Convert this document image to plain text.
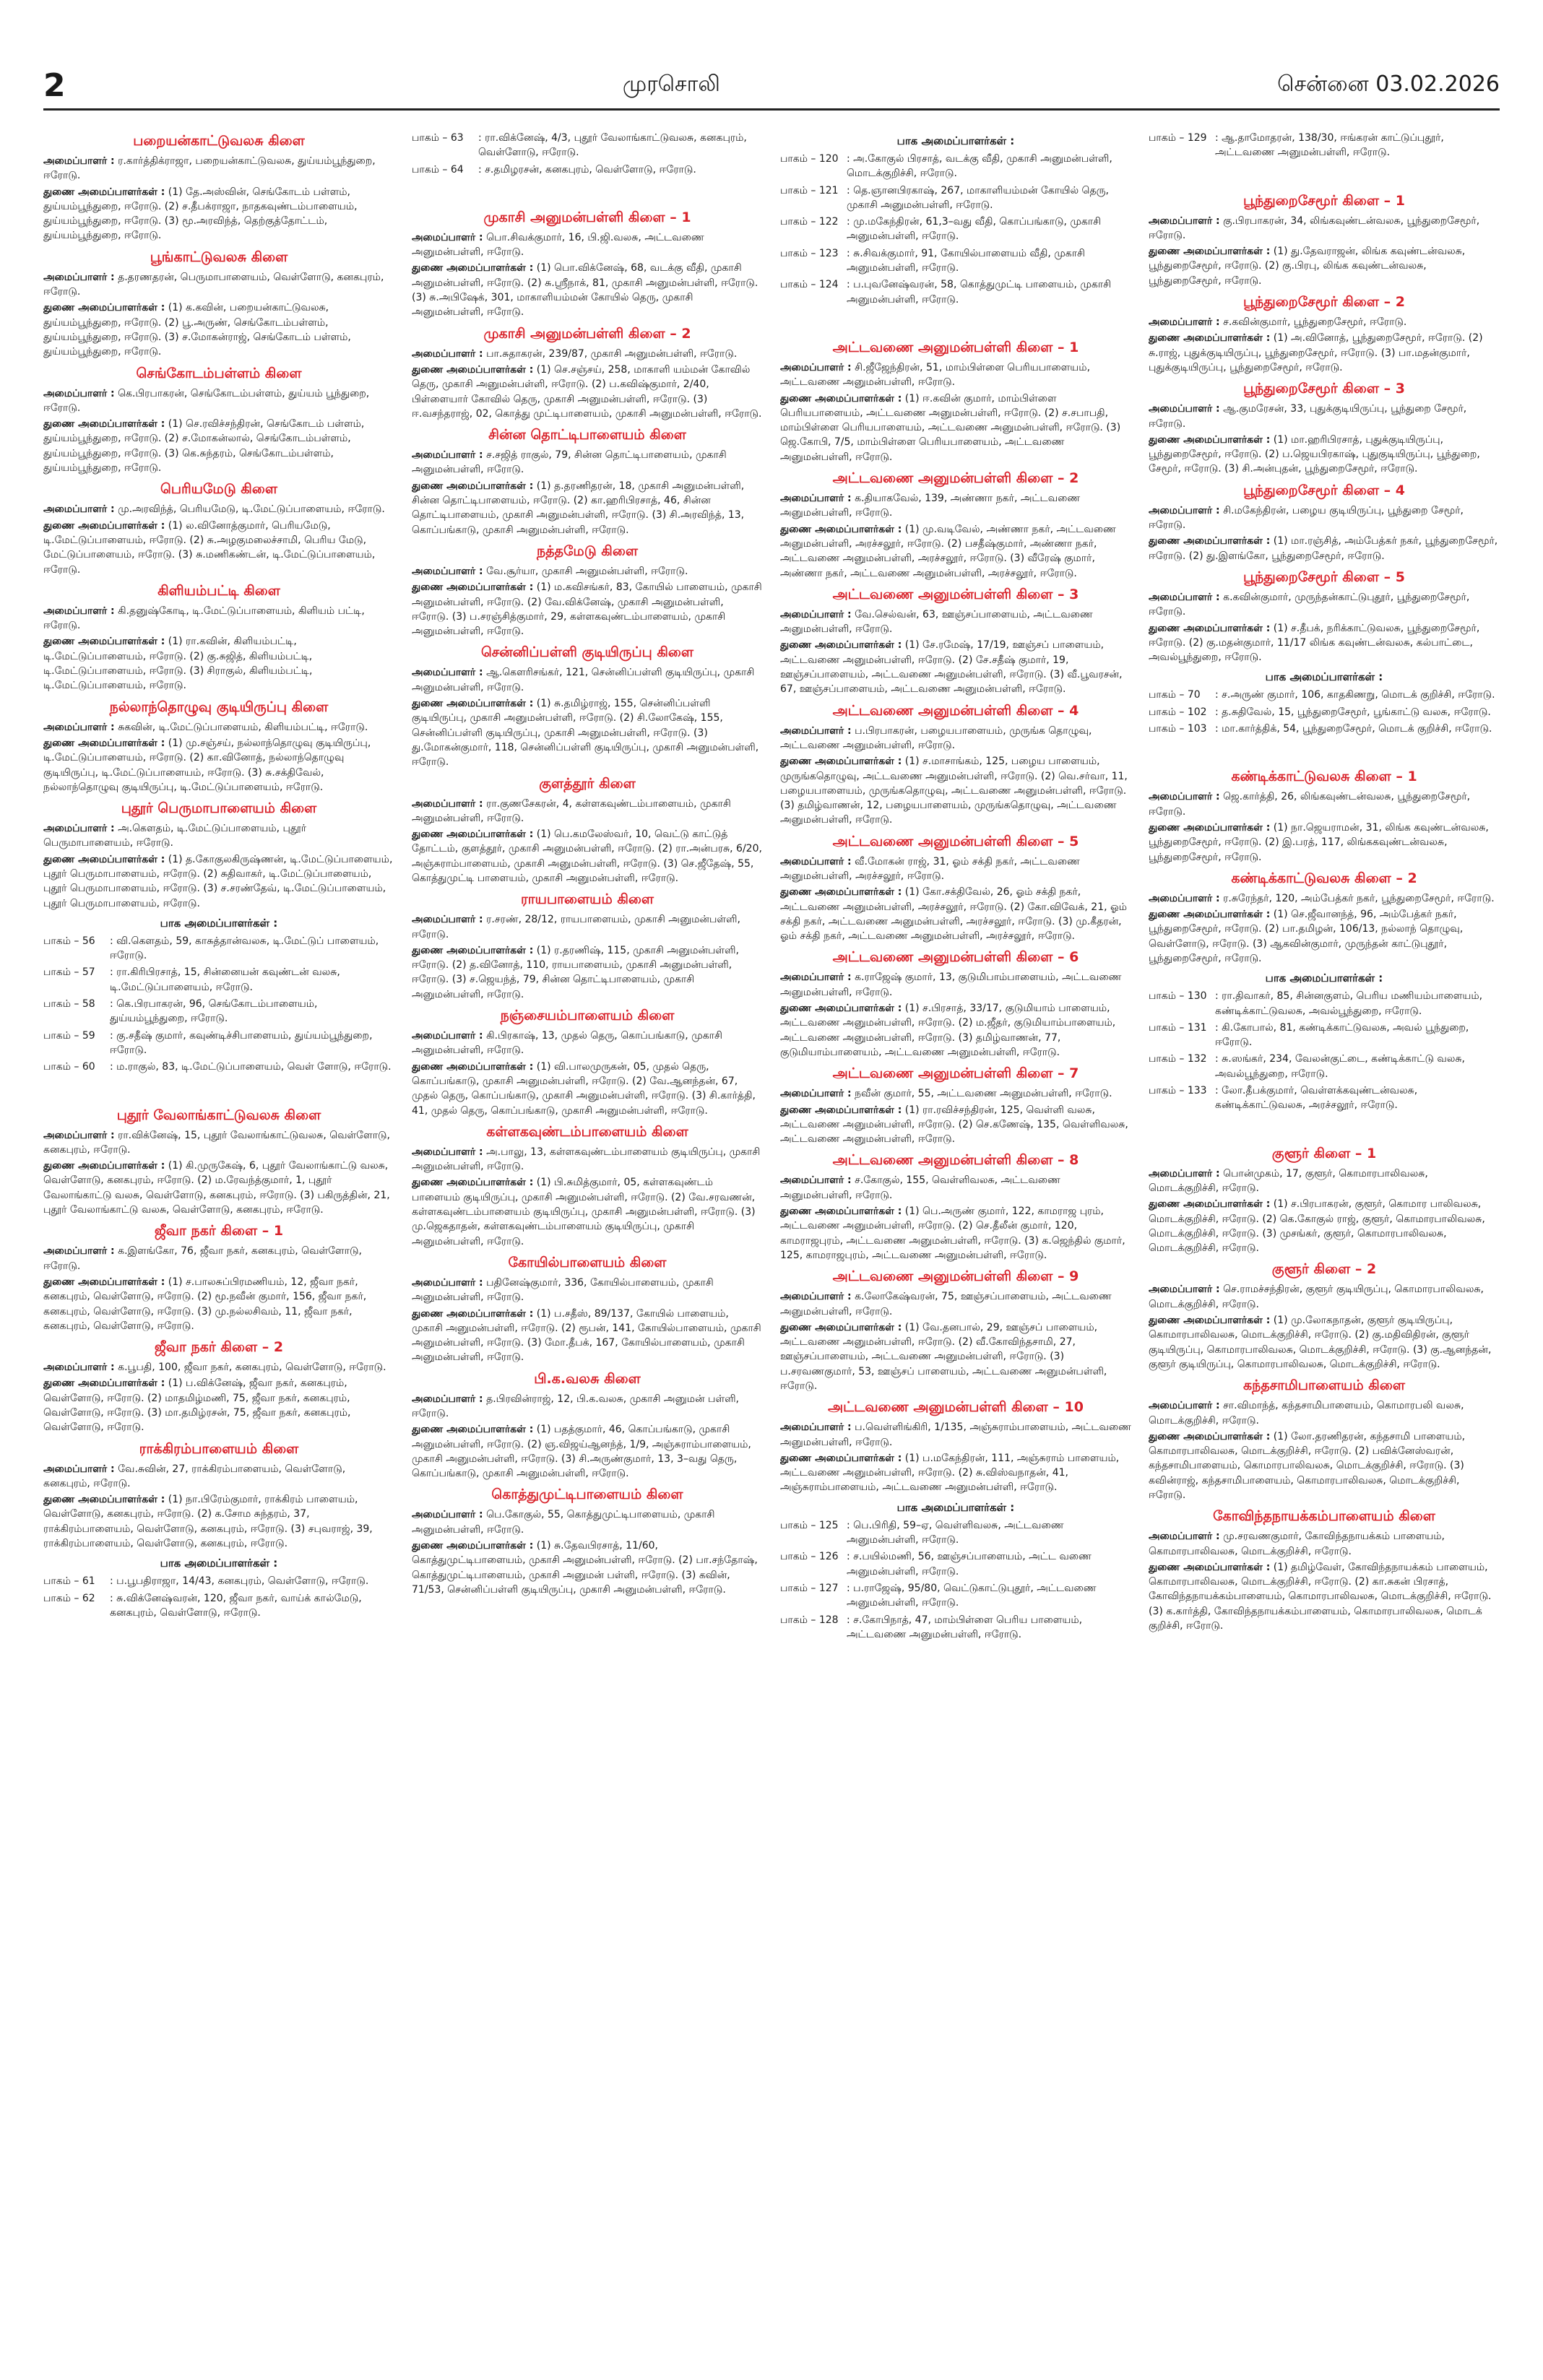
2	முரசொலி	சென்னை 03.02.2026
பறையன்காட்டுவலசு கிளை
அமைப்பாளர் : ர.கார்த்திக்ராஜா, பறையன்காட்டுவலசு, துய்யம்பூந்துறை, ஈரோடு.
துணை அமைப்பாளர்கள் : (1) தே.அஸ்வின், செங்கோடம் பள்ளம், துய்யம்பூந்துறை, ஈரோடு. (2) ச.தீபக்ராஜா, நாதகவுண்டம்பாளையம், துய்யம்பூந்துறை, ஈரோடு. (3) மூ.அரவிந்த், தெற்குத்தோட்டம், துய்யம்பூந்துறை, ஈரோடு.
பூங்காட்டுவலசு கிளை
அமைப்பாளர் : த.தரணதரன், பெருமாபாளையம், வெள்ளோடு, கனகபுரம், ஈரோடு.
துணை அமைப்பாளர்கள் : (1) க.கவின், பறையன்காட்டுவலசு, துய்யம்பூந்துறை, ஈரோடு. (2) பூ.அருண், செங்கோடம்பள்ளம், துய்யம்பூந்துறை, ஈரோடு. (3) ச.மோகன்ராஜ், செங்கோடம் பள்ளம், துய்யம்பூந்துறை, ஈரோடு.
செங்கோடம்பள்ளம் கிளை
அமைப்பாளர் : கெ.பிரபாகரன், செங்கோடம்பள்ளம், துய்யம் பூந்துறை, ஈரோடு.
துணை அமைப்பாளர்கள் : (1) செ.ரவிச்சந்திரன், செங்கோடம் பள்ளம், துய்யம்பூந்துறை, ஈரோடு. (2) ச.மோகன்லால், செங்கோடம்பள்ளம், துய்யம்பூந்துறை, ஈரோடு. (3) கெ.சுந்தரம், செங்கோடம்பள்ளம், துய்யம்பூந்துறை, ஈரோடு.
பெரியமேடு கிளை
அமைப்பாளர் : மு.அரவிந்த், பெரியமேடு, டி.மேட்டுப்பாளையம், ஈரோடு.
துணை அமைப்பாளர்கள் : (1) ல.வினோத்குமார், பெரியமேடு, டி.மேட்டுப்பாளையம், ஈரோடு. (2) சு.அழகுமலைச்சாமி, பெரிய மேடு, மேட்டுப்பாளையம், ஈரோடு. (3) சு.மணிகண்டன், டி.மேட்டுப்பாளையம், ஈரோடு.
கிளியம்பட்டி கிளை
அமைப்பாளர் : கி.தனுஷ்கோடி, டி.மேட்டுப்பாளையம், கிளியம் பட்டி, ஈரோடு.
துணை அமைப்பாளர்கள் : (1) ரா.கவின், கிளியம்பட்டி, டி.மேட்டுப்பாளையம், ஈரோடு. (2) கு.சுஜித், கிளியம்பட்டி, டி.மேட்டுப்பாளையம், ஈரோடு. (3) சிராகுல், கிளியம்பட்டி, டி.மேட்டுப்பாளையம், ஈரோடு.
நல்லாந்தொழுவு குடியிருப்பு கிளை
அமைப்பாளர் : சுகவின், டி.மேட்டுப்பாளையம், கிளியம்பட்டி, ஈரோடு.
துணை அமைப்பாளர்கள் : (1) மு.சஞ்சய், நல்லாந்தொழுவு குடியிருப்பு, டி.மேட்டுப்பாளையம், ஈரோடு. (2) கா.வினோத், நல்லாந்தொழுவு குடியிருப்பு, டி.மேட்டுப்பாளையம், ஈரோடு. (3) சு.சக்திவேல், நல்லாந்தொழுவு குடியிருப்பு, டி.மேட்டுப்பாளையம், ஈரோடு.
புதூர் பெருமாபாளையம் கிளை
அமைப்பாளர் : அ.கௌதம், டி.மேட்டுப்பாளையம், புதூர் பெருமாபாளையம், ஈரோடு.
துணை அமைப்பாளர்கள் : (1) த.கோகுலகிருஷ்ணன், டி.மேட்டுப்பாளையம், புதூர் பெருமாபாளையம், ஈரோடு. (2) சுதிவாகர், டி.மேட்டுப்பாளையம், புதூர் பெருமாபாளையம், ஈரோடு. (3) ச.சரண்தேவ், டி.மேட்டுப்பாளையம், புதூர் பெருமாபாளையம், ஈரோடு.
பாக அமைப்பாளர்கள் :
பாகம் – 56	: வி.கௌதம், 59, காசுத்தான்வலசு, டி.மேட்டுப் பாளையம், ஈரோடு.
பாகம் – 57	: ரா.கிரிபிரசாத், 15, சின்னையன் கவுண்டன் வலசு, டி.மேட்டுப்பாளையம், ஈரோடு.
பாகம் – 58	: கெ.பிரபாகரன், 96, செங்கோடம்பாளையம், துய்யம்பூந்துறை, ஈரோடு.
பாகம் – 59	: கு.சதீஷ் குமார், கவுண்டிச்சிபாளையம், துய்யம்பூந்துறை, ஈரோடு.
பாகம் – 60	: ம.ராகுல், 83, டி.மேட்டுப்பாளையம், வெள் ளோடு, ஈரோடு.
புதூர் வேலாங்காட்டுவலசு கிளை
அமைப்பாளர் : ரா.விக்னேஷ், 15, புதூர் வேலாங்காட்டுவலசு, வெள்ளோடு, கனகபுரம், ஈரோடு.
துணை அமைப்பாளர்கள் : (1) கி.முருகேஷ், 6, புதூர் வேலாங்காட்டு வலசு, வெள்ளோடு, கனகபுரம், ஈரோடு. (2) ம.ரேவந்த்குமார், 1, புதூர் வேலாங்காட்டு வலசு, வெள்ளோடு, கனகபுரம், ஈரோடு. (3) பகிருத்தின், 21, புதூர் வேலாங்காட்டு வலசு, வெள்ளோடு, கனகபுரம், ஈரோடு.
ஜீவா நகர் கிளை – 1
அமைப்பாளர் : க.இளங்கோ, 76, ஜீவா நகர், கனகபுரம், வெள்ளோடு, ஈரோடு.
துணை அமைப்பாளர்கள் : (1) ச.பாலசுப்பிரமணியம், 12, ஜீவா நகர், கனகபுரம், வெள்ளோடு, ஈரோடு. (2) மூ.நவீன் குமார், 156, ஜீவா நகர், கனகபுரம், வெள்ளோடு, ஈரோடு. (3) மு.நல்லசிவம், 11, ஜீவா நகர், கனகபுரம், வெள்ளோடு, ஈரோடு.
ஜீவா நகர் கிளை – 2
அமைப்பாளர் : க.பூபதி, 100, ஜீவா நகர், கனகபுரம், வெள்ளோடு, ஈரோடு.
துணை அமைப்பாளர்கள் : (1) ப.விக்னேஷ், ஜீவா நகர், கனகபுரம், வெள்ளோடு, ஈரோடு. (2) மாதமிழ்மணி, 75, ஜீவா நகர், கனகபுரம், வெள்ளோடு, ஈரோடு. (3) மா.தமிழ்ரசன், 75, ஜீவா நகர், கனகபுரம், வெள்ளோடு, ஈரோடு.
ராக்கிரம்பாளையம் கிளை
அமைப்பாளர் : வே.சுவின், 27, ராக்கிரம்பாளையம், வெள்ளோடு, கனகபுரம், ஈரோடு.
துணை அமைப்பாளர்கள் : (1) நா.பிரேம்குமார், ராக்கிரம் பாளையம், வெள்ளோடு, கனகபுரம், ஈரோடு. (2) க.சோம சுந்தரம், 37, ராக்கிரம்பாளையம், வெள்ளோடு, கனகபுரம், ஈரோடு. (3) சபுவராஜ், 39, ராக்கிரம்பாளையம், வெள்ளோடு, கனகபுரம், ஈரோடு.
பாக அமைப்பாளர்கள் :
பாகம் – 61	: ப.பூபதிராஜா, 14/43, கனகபுரம், வெள்ளோடு, ஈரோடு.
பாகம் – 62	: சு.விக்னேஷ்வரன், 120, ஜீவா நகர், வாய்க் கால்மேடு, கனகபுரம், வெள்ளோடு, ஈரோடு.
பாகம் – 63	: ரா.விக்னேஷ், 4/3, புதூர் வேலாங்காட்டுவலசு, கனகபுரம், வெள்ளோடு, ஈரோடு.
பாகம் – 64	: ச.தமிழரசன், கனகபுரம், வெள்ளோடு, ஈரோடு.
முகாசி அனுமன்பள்ளி கிளை – 1
அமைப்பாளர் : பொ.சிவக்குமார், 16, பி.ஜி.வலசு, அட்டவணை அனுமன்பள்ளி, ஈரோடு.
துணை அமைப்பாளர்கள் : (1) பொ.விக்னேஷ், 68, வடக்கு வீதி, முகாசி அனுமன்பள்ளி, ஈரோடு. (2) சு.ஸ்ரீநாக், 81, முகாசி அனுமன்பள்ளி, ஈரோடு. (3) சு.அபிஷேக், 301, மாகாளியம்மன் கோயில் தெரு, முகாசி அனுமன்பள்ளி, ஈரோடு.
முகாசி அனுமன்பள்ளி கிளை – 2
அமைப்பாளர் : பா.சுதாகரன், 239/87, முகாசி அனுமன்பள்ளி, ஈரோடு.
துணை அமைப்பாளர்கள் : (1) செ.சஞ்சய், 258, மாகாளி யம்மன் கோவில் தெரு, முகாசி அனுமன்பள்ளி, ஈரோடு. (2) ப.கவிஷ்குமார், 2/40, பிள்ளையார் கோவில் தெரு, முகாசி அனுமன்பள்ளி, ஈரோடு. (3) ஈ.வசந்தராஜ், 02, கொத்து முட்டிபாளையம், முகாசி அனுமன்பள்ளி, ஈரோடு.
சின்ன தொட்டிபாளையம் கிளை
அமைப்பாளர் : ச.சஜித் ராகுல், 79, சின்ன தொட்டிபாளையம், முகாசி அனுமன்பள்ளி, ஈரோடு.
துணை அமைப்பாளர்கள் : (1) த.தரணிதரன், 18, முகாசி அனுமன்பள்ளி, சின்ன தொட்டிபாளையம், ஈரோடு. (2) கா.ஹரிபிரசாத், 46, சின்ன தொட்டிபாளையம், முகாசி அனுமன்பள்ளி, ஈரோடு. (3) சி.அரவிந்த், 13, கொப்பங்காடு, முகாசி அனுமன்பள்ளி, ஈரோடு.
நத்தமேடு கிளை
அமைப்பாளர் : வே.சூர்யா, முகாசி அனுமன்பள்ளி, ஈரோடு.
துணை அமைப்பாளர்கள் : (1) ம.கவிசங்கர், 83, கோயில் பாளையம், முகாசி அனுமன்பள்ளி, ஈரோடு. (2) வே.விக்னேஷ், முகாசி அனுமன்பள்ளி, ஈரோடு. (3) ப.சரஞ்சித்குமார், 29, கள்ளகவுண்டம்பாளையம், முகாசி அனுமன்பள்ளி, ஈரோடு.
சென்னிப்பள்ளி குடியிருப்பு கிளை
அமைப்பாளர் : ஆ.கௌரிசங்கர், 121, சென்னிப்பள்ளி குடியிருப்பு, முகாசி அனுமன்பள்ளி, ஈரோடு.
துணை அமைப்பாளர்கள் : (1) சு.தமிழ்ராஜ், 155, சென்னிப்பள்ளி குடியிருப்பு, முகாசி அனுமன்பள்ளி, ஈரோடு. (2) சி.லோகேஷ், 155, சென்னிப்பள்ளி குடியிருப்பு, முகாசி அனுமன்பள்ளி, ஈரோடு. (3) து.மோகன்குமார், 118, சென்னிப்பள்ளி குடியிருப்பு, முகாசி அனுமன்பள்ளி, ஈரோடு.
குளத்தூர் கிளை
அமைப்பாளர் : ரா.குணசேகரன், 4, கள்ளகவுண்டம்பாளையம், முகாசி அனுமன்பள்ளி, ஈரோடு.
துணை அமைப்பாளர்கள் : (1) பெ.கமலேஸ்வர், 10, வெட்டு காட்டுத் தோட்டம், குளத்தூர், முகாசி அனுமன்பள்ளி, ஈரோடு. (2) ரா.அன்பரசு, 6/20, அஞ்சுராம்பாளையம், முகாசி அனுமன்பள்ளி, ஈரோடு. (3) செ.ஜீதேஷ், 55, கொத்துமுட்டி பாளையம், முகாசி அனுமன்பள்ளி, ஈரோடு.
ராயபாளையம் கிளை
அமைப்பாளர் : ர.சரண், 28/12, ராயபாளையம், முகாசி அனுமன்பள்ளி, ஈரோடு.
துணை அமைப்பாளர்கள் : (1) ர.தரணிஷ், 115, முகாசி அனுமன்பள்ளி, ஈரோடு. (2) த.வினோத், 110, ராயபாளையம், முகாசி அனுமன்பள்ளி, ஈரோடு. (3) ச.ஜெயந்த், 79, சின்ன தொட்டிபாளையம், முகாசி அனுமன்பள்ளி, ஈரோடு.
நஞ்சையம்பாளையம் கிளை
அமைப்பாளர் : கி.பிரகாஷ், 13, முதல் தெரு, கொப்பங்காடு, முகாசி அனுமன்பள்ளி, ஈரோடு.
துணை அமைப்பாளர்கள் : (1) வி.பாலமுருகன், 05, முதல் தெரு, கொப்பங்காடு, முகாசி அனுமன்பள்ளி, ஈரோடு. (2) வே.ஆனந்தன், 67, முதல் தெரு, கொப்பங்காடு, முகாசி அனுமன்பள்ளி, ஈரோடு. (3) சி.கார்த்தி, 41, முதல் தெரு, கொப்பங்காடு, முகாசி அனுமன்பள்ளி, ஈரோடு.
கள்ளகவுண்டம்பாளையம் கிளை
அமைப்பாளர் : அ.பாலு, 13, கள்ளகவுண்டம்பாளையம் குடியிருப்பு, முகாசி அனுமன்பள்ளி, ஈரோடு.
துணை அமைப்பாளர்கள் : (1) பி.சுமித்குமார், 05, கள்ளகவுண்டம் பாளையம் குடியிருப்பு, முகாசி அனுமன்பள்ளி, ஈரோடு. (2) வே.சரவணன், கள்ளகவுண்டம்பாளையம் குடியிருப்பு, முகாசி அனுமன்பள்ளி, ஈரோடு. (3) மு.ஜெகதாதன், கள்ளகவுண்டம்பாளையம் குடியிருப்பு, முகாசி அனுமன்பள்ளி, ஈரோடு.
கோயில்பாளையம் கிளை
அமைப்பாளர் : பதினேஷ்குமார், 336, கோயில்பாளையம், முகாசி அனுமன்பள்ளி, ஈரோடு.
துணை அமைப்பாளர்கள் : (1) ப.சதீஸ், 89/137, கோயில் பாளையம், முகாசி அனுமன்பள்ளி, ஈரோடு. (2) ரூபன், 141, கோயில்பாளையம், முகாசி அனுமன்பள்ளி, ஈரோடு. (3) மோ.தீபக், 167, கோயில்பாளையம், முகாசி அனுமன்பள்ளி, ஈரோடு.
பி.க.வலசு கிளை
அமைப்பாளர் : த.பிரவின்ராஜ், 12, பி.க.வலசு, முகாசி அனுமன் பள்ளி, ஈரோடு.
துணை அமைப்பாளர்கள் : (1) பதத்குமார், 46, கொப்பங்காடு, முகாசி அனுமன்பள்ளி, ஈரோடு. (2) ஞ.விஜய்ஆனந்த், 1/9, அஞ்சுராம்பாளையம், முகாசி அனுமன்பள்ளி, ஈரோடு. (3) சி.அருண்குமார், 13, 3–வது தெரு, கொப்பங்காடு, முகாசி அனுமன்பள்ளி, ஈரோடு.
கொத்துமுட்டிபாளையம் கிளை
அமைப்பாளர் : பெ.கோகுல், 55, கொத்துமுட்டிபாளையம், முகாசி அனுமன்பள்ளி, ஈரோடு.
துணை அமைப்பாளர்கள் : (1) சு.தேவபிரசாத், 11/60, கொத்துமுட்டிபாளையம், முகாசி அனுமன்பள்ளி, ஈரோடு. (2) பா.சந்தோஷ், கொத்துமுட்டிபாளையம், முகாசி அனுமன் பள்ளி, ஈரோடு. (3) கவின், 71/53, சென்னிப்பள்ளி குடியிருப்பு, முகாசி அனுமன்பள்ளி, ஈரோடு.
பாக அமைப்பாளர்கள் :
பாகம் – 120 : அ.கோகுல் பிரசாத், வடக்கு வீதி, முகாசி அனுமன்பள்ளி, மொடக்குறிச்சி, ஈரோடு.
பாகம் – 121 : தெ.ஞானபிரகாஷ், 267, மாகாளியம்மன் கோயில் தெரு, முகாசி அனுமன்பள்ளி, ஈரோடு.
பாகம் – 122 : மு.மகேந்திரன், 61,3–வது வீதி, கொப்பங்காடு, முகாசி அனுமன்பள்ளி, ஈரோடு.
பாகம் – 123 : சு.சிவக்குமார், 91, கோயில்பாளையம் வீதி, முகாசி அனுமன்பள்ளி, ஈரோடு.
பாகம் – 124 : ப.புவனேஷ்வரன், 58, கொத்துமுட்டி பாளையம், முகாசி அனுமன்பள்ளி, ஈரோடு.
அட்டவணை அனுமன்பள்ளி கிளை – 1
அமைப்பாளர் : சி.ஜீஜேந்திரன், 51, மாம்பிள்ளை பெரியபாளையம், அட்டவணை அனுமன்பள்ளி, ஈரோடு.
துணை அமைப்பாளர்கள் : (1) ஈ.கவின் குமார், மாம்பிள்ளை பெரியபாளையம், அட்டவணை அனுமன்பள்ளி, ஈரோடு. (2) ச.சபாபதி, மாம்பிள்ளை பெரியபாளையம், அட்டவணை அனுமன்பள்ளி, ஈரோடு. (3) ஜெ.கோபி, 7/5, மாம்பிள்ளை பெரியபாளையம், அட்டவணை அனுமன்பள்ளி, ஈரோடு.
அட்டவணை அனுமன்பள்ளி கிளை – 2
அமைப்பாளர் : க.தியாகவேல், 139, அண்ணா நகர், அட்டவணை அனுமன்பள்ளி, ஈரோடு.
துணை அமைப்பாளர்கள் : (1) மு.வடிவேல், அண்ணா நகர், அட்டவணை அனுமன்பள்ளி, அரச்சலூர், ஈரோடு. (2) பசதீஷ்குமார், அண்ணா நகர், அட்டவணை அனுமன்பள்ளி, அரச்சலூர், ஈரோடு. (3) வீரேஷ் குமார், அண்ணா நகர், அட்டவணை அனுமன்பள்ளி, அரச்சலூர், ஈரோடு.
அட்டவணை அனுமன்பள்ளி கிளை – 3
அமைப்பாளர் : வே.செல்வன், 63, ஊஞ்சப்பாளையம், அட்டவணை அனுமன்பள்ளி, ஈரோடு.
துணை அமைப்பாளர்கள் : (1) சே.ரமேஷ், 17/19, ஊஞ்சப் பாளையம், அட்டவணை அனுமன்பள்ளி, ஈரோடு. (2) சே.சதீஷ் குமார், 19, ஊஞ்சப்பாளையம், அட்டவணை அனுமன்பள்ளி, ஈரோடு. (3) வீ.பூவரசன், 67, ஊஞ்சப்பாளையம், அட்டவணை அனுமன்பள்ளி, ஈரோடு.
அட்டவணை அனுமன்பள்ளி கிளை – 4
அமைப்பாளர் : ப.பிரபாகரன், பழையபாளையம், முருங்க தொழுவு, அட்டவணை அனுமன்பள்ளி, ஈரோடு.
துணை அமைப்பாளர்கள் : (1) ச.மாசாங்கம், 125, பழைய பாளையம், முருங்கதொழுவு, அட்டவணை அனுமன்பள்ளி, ஈரோடு. (2) வெ.சர்வா, 11, பழையபாளையம், முருங்கதொழுவு, அட்டவணை அனுமன்பள்ளி, ஈரோடு. (3) தமிழ்வாணன், 12, பழையபாளையம், முருங்கதொழுவு, அட்டவணை அனுமன்பள்ளி, ஈரோடு.
அட்டவணை அனுமன்பள்ளி கிளை – 5
அமைப்பாளர் : வீ.மோகன் ராஜ், 31, ஓம் சக்தி நகர், அட்டவணை அனுமன்பள்ளி, அரச்சலூர், ஈரோடு.
துணை அமைப்பாளர்கள் : (1) கோ.சக்திவேல், 26, ஓம் சக்தி நகர், அட்டவணை அனுமன்பள்ளி, அரச்சலூர், ஈரோடு. (2) கோ.விவேக், 21, ஓம் சக்தி நகர், அட்டவணை அனுமன்பள்ளி, அரச்சலூர், ஈரோடு. (3) மு.கீதரன், ஓம் சக்தி நகர், அட்டவணை அனுமன்பள்ளி, அரச்சலூர், ஈரோடு.
அட்டவணை அனுமன்பள்ளி கிளை – 6
அமைப்பாளர் : க.ராஜேஷ் குமார், 13, குடுமிபாம்பாளையம், அட்டவணை அனுமன்பள்ளி, ஈரோடு.
துணை அமைப்பாளர்கள் : (1) ச.பிரசாத், 33/17, குடுமியாம் பாளையம், அட்டவணை அனுமன்பள்ளி, ஈரோடு. (2) ம.ஜீதர், குடுமியாம்பாளையம், அட்டவணை அனுமன்பள்ளி, ஈரோடு. (3) தமிழ்வாணன், 77, குடுமியாம்பாளையம், அட்டவணை அனுமன்பள்ளி, ஈரோடு.
அட்டவணை அனுமன்பள்ளி கிளை – 7
அமைப்பாளர் : நவீன் குமார், 55, அட்டவணை அனுமன்பள்ளி, ஈரோடு.
துணை அமைப்பாளர்கள் : (1) ரா.ரவிச்சந்திரன், 125, வெள்ளி வலசு, அட்டவணை அனுமன்பள்ளி, ஈரோடு. (2) செ.கணேஷ், 135, வெள்ளிவலசு, அட்டவணை அனுமன்பள்ளி, ஈரோடு.
அட்டவணை அனுமன்பள்ளி கிளை – 8
அமைப்பாளர் : ச.கோகுல், 155, வெள்ளிவலசு, அட்டவணை அனுமன்பள்ளி, ஈரோடு.
துணை அமைப்பாளர்கள் : (1) பெ.அருண் குமார், 122, காமராஜ புரம், அட்டவணை அனுமன்பள்ளி, ஈரோடு. (2) செ.தீலீன் குமார், 120, காமராஜபுரம், அட்டவணை அனுமன்பள்ளி, ஈரோடு. (3) க.ஜெந்தில் குமார், 125, காமராஜபுரம், அட்டவணை அனுமன்பள்ளி, ஈரோடு.
அட்டவணை அனுமன்பள்ளி கிளை – 9
அமைப்பாளர் : க.லோகேஷ்வரன், 75, ஊஞ்சப்பாளையம், அட்டவணை அனுமன்பள்ளி, ஈரோடு.
துணை அமைப்பாளர்கள் : (1) வே.தனபால், 29, ஊஞ்சப் பாளையம், அட்டவணை அனுமன்பள்ளி, ஈரோடு. (2) வீ.கோவிந்தசாமி, 27, ஊஞ்சப்பாளையம், அட்டவணை அனுமன்பள்ளி, ஈரோடு. (3) ப.சரவணகுமார், 53, ஊஞ்சப் பாளையம், அட்டவணை அனுமன்பள்ளி, ஈரோடு.
அட்டவணை அனுமன்பள்ளி கிளை – 10
அமைப்பாளர் : ப.வெள்ளிங்கிரி, 1/135, அஞ்சுராம்பாளையம், அட்டவணை அனுமன்பள்ளி, ஈரோடு.
துணை அமைப்பாளர்கள் : (1) ப.மகேந்திரன், 111, அஞ்சுராம் பாளையம், அட்டவணை அனுமன்பள்ளி, ஈரோடு. (2) சு.விஸ்வநாதன், 41, அஞ்சுராம்பாளையம், அட்டவணை அனுமன்பள்ளி, ஈரோடு.
பாக அமைப்பாளர்கள் :
பாகம் – 125 : பெ.பிரிதி, 59–ஏ, வெள்ளிவலசு, அட்டவணை அனுமன்பள்ளி, ஈரோடு.
பாகம் – 126 : ச.பயில்மணி, 56, ஊஞ்சப்பாளையம், அட்ட வணை அனுமன்பள்ளி, ஈரோடு.
பாகம் – 127 : ப.ராஜேஷ், 95/80, வெட்டுகாட்டுபுதூர், அட்டவணை அனுமன்பள்ளி, ஈரோடு.
பாகம் – 128 : ச.கோபிநாத், 47, மாம்பிள்ளை பெரிய பாளையம், அட்டவணை அனுமன்பள்ளி, ஈரோடு.
பாகம் – 129 : ஆ.தாமோதரன், 138/30, ஈங்கரன் காட்டுப்புதூர், அட்டவணை அனுமன்பள்ளி, ஈரோடு.
பூந்துறைசேமூர் கிளை – 1
அமைப்பாளர் : கு.பிரபாகரன், 34, லிங்கவுண்டன்வலசு, பூந்துறைசேமூர், ஈரோடு.
துணை அமைப்பாளர்கள் : (1) து.தேவராஜன், லிங்க கவுண்டன்வலசு, பூந்துறைசேமூர், ஈரோடு. (2) கு.பிரபு, லிங்க கவுண்டன்வலசு, பூந்துறைசேமூர், ஈரோடு.
பூந்துறைசேமூர் கிளை – 2
அமைப்பாளர் : ச.கவின்குமார், பூந்துறைசேமூர், ஈரோடு.
துணை அமைப்பாளர்கள் : (1) அ.வினோத், பூந்துறைசேமூர், ஈரோடு. (2) சு.ராஜ், புதுக்குடியிருப்பு, பூந்துறைசேமூர், ஈரோடு. (3) பா.மதன்குமார், புதுக்குடியிருப்பு, பூந்துறைசேமூர், ஈரோடு.
பூந்துறைசேமூர் கிளை – 3
அமைப்பாளர் : ஆ.குமரேசன், 33, புதுக்குடியிருப்பு, பூந்துறை சேமூர், ஈரோடு.
துணை அமைப்பாளர்கள் : (1) மா.ஹரிபிரசாத், புதுக்குடியிருப்பு, பூந்துறைசேமூர், ஈரோடு. (2) ப.ஜெயபிரகாஷ், புதுகுடியிருப்பு, பூந்துறை, சேமூர், ஈரோடு. (3) சி.அன்புதன், பூந்துறைசேமூர், ஈரோடு.
பூந்துறைசேமூர் கிளை – 4
அமைப்பாளர் : சி.மகேந்திரன், பழைய குடியிருப்பு, பூந்துறை சேமூர், ஈரோடு.
துணை அமைப்பாளர்கள் : (1) மா.ரஞ்சித், அம்பேத்கர் நகர், பூந்துறைசேமூர், ஈரோடு. (2) து.இளங்கோ, பூந்துறைசேமூர், ஈரோடு.
பூந்துறைசேமூர் கிளை – 5
அமைப்பாளர் : க.கவின்குமார், முருந்தன்காட்டுபுதூர், பூந்துறைசேமூர், ஈரோடு.
துணை அமைப்பாளர்கள் : (1) ச.தீபக், நரிக்காட்டுவலசு, பூந்துறைசேமூர், ஈரோடு. (2) கு.மதன்குமார், 11/17 லிங்க கவுண்டன்வலசு, கல்பாட்டை, அவல்பூந்துறை, ஈரோடு.
பாக அமைப்பாளர்கள் :
பாகம் – 70	: ச.அருண் குமார், 106, காதகிணறு, மொடக் குறிச்சி, ஈரோடு.
பாகம் – 102 : த.சுதிவேல், 15, பூந்துறைசேமூர், பூங்காட்டு வலசு, ஈரோடு.
பாகம் – 103 : மா.கார்த்திக், 54, பூந்துறைசேமூர், மொடக் குறிச்சி, ஈரோடு.
கண்டிக்காட்டுவலசு கிளை – 1
அமைப்பாளர் : ஜெ.கார்த்தி, 26, லிங்கவுண்டன்வலசு, பூந்துறைசேமூர், ஈரோடு.
துணை அமைப்பாளர்கள் : (1) நா.ஜெயராமன், 31, லிங்க கவுண்டன்வலசு, பூந்துறைசேமூர், ஈரோடு. (2) இ.பரத், 117, லிங்ககவுண்டன்வலசு, பூந்துறைசேமூர், ஈரோடு.
கண்டிக்காட்டுவலசு கிளை – 2
அமைப்பாளர் : ர.சுரேந்தர், 120, அம்பேத்கர் நகர், பூந்துறைசேமூர், ஈரோடு.
துணை அமைப்பாளர்கள் : (1) செ.ஜீவானந்த், 96, அம்பேத்கர் நகர், பூந்துறைசேமூர், ஈரோடு. (2) பா.தமிழன், 106/13, நல்லாந் தொழுவு, வெள்ளோடு, ஈரோடு. (3) ஆகவின்குமார், முருந்தன் காட்டுபுதூர், பூந்துறைசேமூர், ஈரோடு.
பாக அமைப்பாளர்கள் :
பாகம் – 130 : ரா.திவாகர், 85, சின்னகுளம், பெரிய மணியம்பாளையம், கண்டிக்காட்டுவலசு, அவல்பூந்துறை, ஈரோடு.
பாகம் – 131 : கி.கோபால், 81, கண்டிக்காட்டுவலசு, அவல் பூந்துறை, ஈரோடு.
பாகம் – 132 : சு.ஸங்கர், 234, வேலன்குட்டை, கண்டிக்காட்டு வலசு, அவல்பூந்துறை, ஈரோடு.
பாகம் – 133 : லோ.தீபக்குமார், வெள்ளக்கவுண்டன்வலசு, கண்டிக்காட்டுவலசு, அரச்சலூர், ஈரோடு.
குளூர் கிளை – 1
அமைப்பாளர் : பொன்முகம், 17, குளூர், கொமாரபாலிவலசு, மொடக்குறிச்சி, ஈரோடு.
துணை அமைப்பாளர்கள் : (1) ச.பிரபாகரன், குளூர், கொமார பாலிவலசு, மொடக்குறிச்சி, ஈரோடு. (2) கெ.கோகுல் ராஜ், குளூர், கொமாரபாலிவலசு, மொடக்குறிச்சி, ஈரோடு. (3) முசங்கர், குளூர், கொமாரபாலிவலசு, மொடக்குறிச்சி, ஈரோடு.
குளூர் கிளை – 2
அமைப்பாளர் : செ.ராமச்சந்திரன், குளூர் குடியிருப்பு, கொமாரபாலிவலசு, மொடக்குறிச்சி, ஈரோடு.
துணை அமைப்பாளர்கள் : (1) மு.லோகநாதன், குளூர் குடியிருப்பு, கொமாரபாலிவலசு, மொடக்குறிச்சி, ஈரோடு. (2) கு.மதிவிதிரன், குளூர் குடியிருப்பு, கொமாரபாலிவலசு, மொடக்குறிச்சி, ஈரோடு. (3) கு.ஆனந்தன், குளூர் குடியிருப்பு, கொமாரபாலிவலசு, மொடக்குறிச்சி, ஈரோடு.
கந்தசாமிபாளையம் கிளை
அமைப்பாளர் : சா.விமாந்த், கந்தசாமிபாளையம், கொமாரபலி வலசு, மொடக்குறிச்சி, ஈரோடு.
துணை அமைப்பாளர்கள் : (1) லோ.தரணிதரன், கந்தசாமி பாளையம், கொமாரபாலிவலசு, மொடக்குறிச்சி, ஈரோடு. (2) பவிக்னேஸ்வரன், கந்தசாமிபாளையம், கொமாரபாலிவலசு, மொடக்குறிச்சி, ஈரோடு. (3) கவின்ராஜ், கந்தசாமிபாளையம், கொமாரபாலிவலசு, மொடக்குறிச்சி, ஈரோடு.
கோவிந்தநாயக்கம்பாளையம் கிளை
அமைப்பாளர் : மு.சரவணகுமார், கோவிந்தநாயக்கம் பாளையம், கொமாரபாலிவலசு, மொடக்குறிச்சி, ஈரோடு.
துணை அமைப்பாளர்கள் : (1) தமிழ்வேள், கோவிந்தநாயக்கம் பாளையம், கொமாரபாலிவலசு, மொடக்குறிச்சி, ஈரோடு. (2) கா.சுகன் பிரசாத், கோவிந்தநாயக்கம்பாளையம், கொமாரபாலிவலசு, மொடக்குறிச்சி, ஈரோடு. (3) க.கார்த்தி, கோவிந்தநாயக்கம்பாளையம், கொமாரபாலிவலசு, மொடக் குறிச்சி, ஈரோடு.
